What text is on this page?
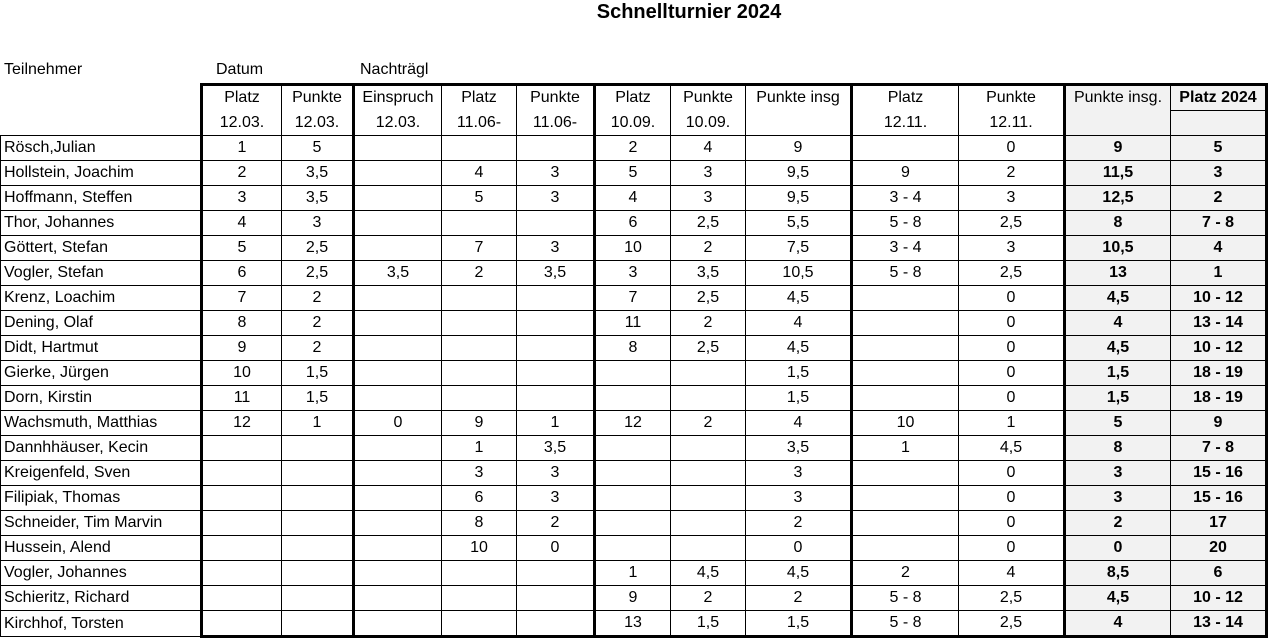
Schnellturnier 2024
Teilnehmer	Datum	Nachträgl
	Platz	Punkte	Einspruch	Platz	Punkte	Platz	Punkte	Punkte insg	Platz	Punkte	Punkte insg.	Platz 2024
	12.03.	12.03.	12.03.	11.06-	11.06-	10.09.	10.09.		12.11.	12.11.		
Rösch,Julian	1	5				2	4	9		0	9	5
Hollstein, Joachim	2	3,5		4	3	5	3	9,5	9	2	11,5	3
Hoffmann, Steffen	3	3,5		5	3	4	3	9,5	3 - 4	3	12,5	2
Thor, Johannes	4	3				6	2,5	5,5	5 - 8	2,5	8	7 - 8
Göttert, Stefan	5	2,5		7	3	10	2	7,5	3 - 4	3	10,5	4
Vogler, Stefan	6	2,5	3,5	2	3,5	3	3,5	10,5	5 - 8	2,5	13	1
Krenz, Loachim	7	2				7	2,5	4,5		0	4,5	10 - 12
Dening, Olaf	8	2				11	2	4		0	4	13 - 14
Didt, Hartmut	9	2				8	2,5	4,5		0	4,5	10 - 12
Gierke, Jürgen	10	1,5						1,5		0	1,5	18 - 19
Dorn, Kirstin	11	1,5						1,5		0	1,5	18 - 19
Wachsmuth, Matthias	12	1	0	9	1	12	2	4	10	1	5	9
Dannhhäuser, Kecin				1	3,5			3,5	1	4,5	8	7 - 8
Kreigenfeld, Sven				3	3			3		0	3	15 - 16
Filipiak, Thomas				6	3			3		0	3	15 - 16
Schneider, Tim Marvin				8	2			2		0	2	17
Hussein, Alend				10	0			0		0	0	20
Vogler, Johannes						1	4,5	4,5	2	4	8,5	6
Schieritz, Richard						9	2	2	5 - 8	2,5	4,5	10 - 12
Kirchhof, Torsten						13	1,5	1,5	5 - 8	2,5	4	13 - 14
